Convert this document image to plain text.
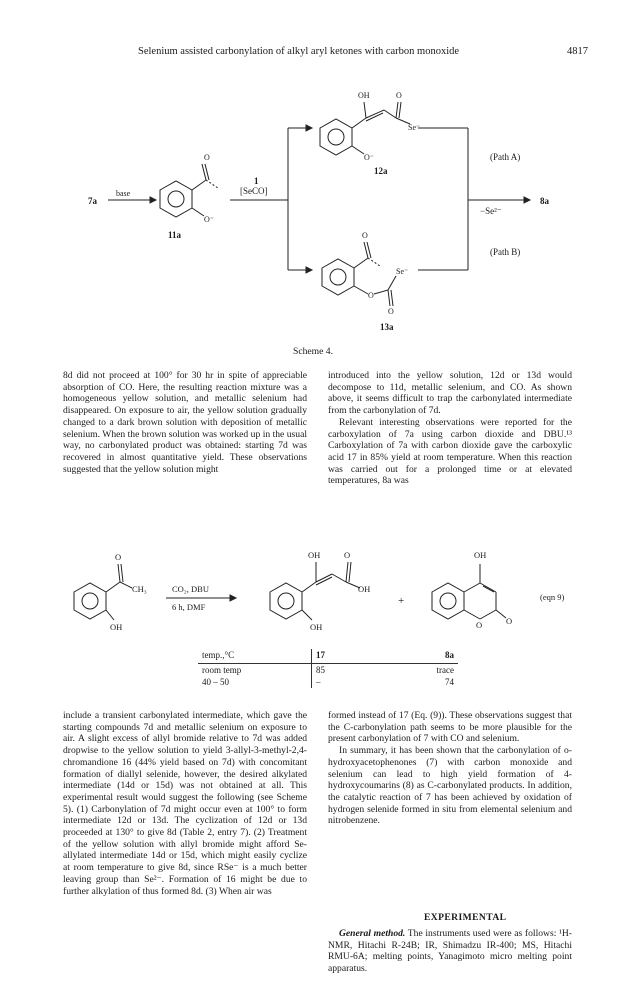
Selenium assisted carbonylation of alkyl aryl ketones with carbon monoxide	4817
7a
base
O
O⁻
11a
1
[SeCO]
OH	O
Se⁻
O⁻
12a
O
Se⁻
O
O
13a
(Path A)
−Se²⁻
8a
(Path B)
Scheme 4.

8d did not proceed at 100° for 30 hr in spite of appreciable absorption of CO. Here, the resulting reaction mixture was a homogeneous yellow solution, and metallic selenium had disappeared. On exposure to air, the yellow solution gradually changed to a dark brown solution with deposition of metallic selenium. When the brown solution was worked up in the usual way, no carbonylated product was obtained: starting 7d was recovered in almost quantitative yield. These observations suggested that the yellow solution might

introduced into the yellow solution, 12d or 13d would decompose to 11d, metallic selenium, and CO. As shown above, it seems difficult to trap the carbonylated intermediate from the carbonylation of 7d.

Relevant interesting observations were reported for the carboxylation of 7a using carbon dioxide and DBU.¹³ Carboxylation of 7a with carbon dioxide gave the carboxylic acid 17 in 85% yield at room temperature. When this reaction was carried out for a prolonged time or at elevated temperatures, 8a was

O
CH₃
OH
CO₂, DBU
6 h, DMF
OH	O
OH
OH
+
OH
O	O
(eqn 9)
temp.,°C	17	8a
room temp	85	trace
40 – 50	–	74

include a transient carbonylated intermediate, which gave the starting compounds 7d and metallic selenium on exposure to air. A slight excess of allyl bromide relative to 7d was added dropwise to the yellow solution to yield 3-allyl-3-methyl-2,4-chromandione 16 (44% yield based on 7d) with concomitant formation of diallyl selenide, however, the desired alkylated intermediate (14d or 15d) was not obtained at all. This experimental result would suggest the following (see Scheme 5). (1) Carbonylation of 7d might occur even at 100° to form intermediate 12d or 13d. The cyclization of 12d or 13d proceeded at 130° to give 8d (Table 2, entry 7). (2) Treatment of the yellow solution with allyl bromide might afford Se-allylated intermediate 14d or 15d, which might easily cyclize at room temperature to give 8d, since RSe⁻ is a much better leaving group than Se²⁻. Formation of 16 might be due to further alkylation of thus formed 8d. (3) When air was

formed instead of 17 (Eq. (9)). These observations suggest that the C-carbonylation path seems to be more plausible for the present carbonylation of 7 with CO and selenium.

In summary, it has been shown that the carbonylation of o-hydroxyacetophenones (7) with carbon monoxide and selenium can lead to high yield formation of 4-hydroxycoumarins (8) as C-carbonylated products. In addition, the catalytic reaction of 7 has been achieved by oxidation of hydrogen selenide formed in situ from elemental selenium and nitrobenzene.

EXPERIMENTAL

General method. The instruments used were as follows: ¹H-NMR, Hitachi R-24B; IR, Shimadzu IR-400; MS, Hitachi RMU-6A; melting points, Yanagimoto micro melting point apparatus.
